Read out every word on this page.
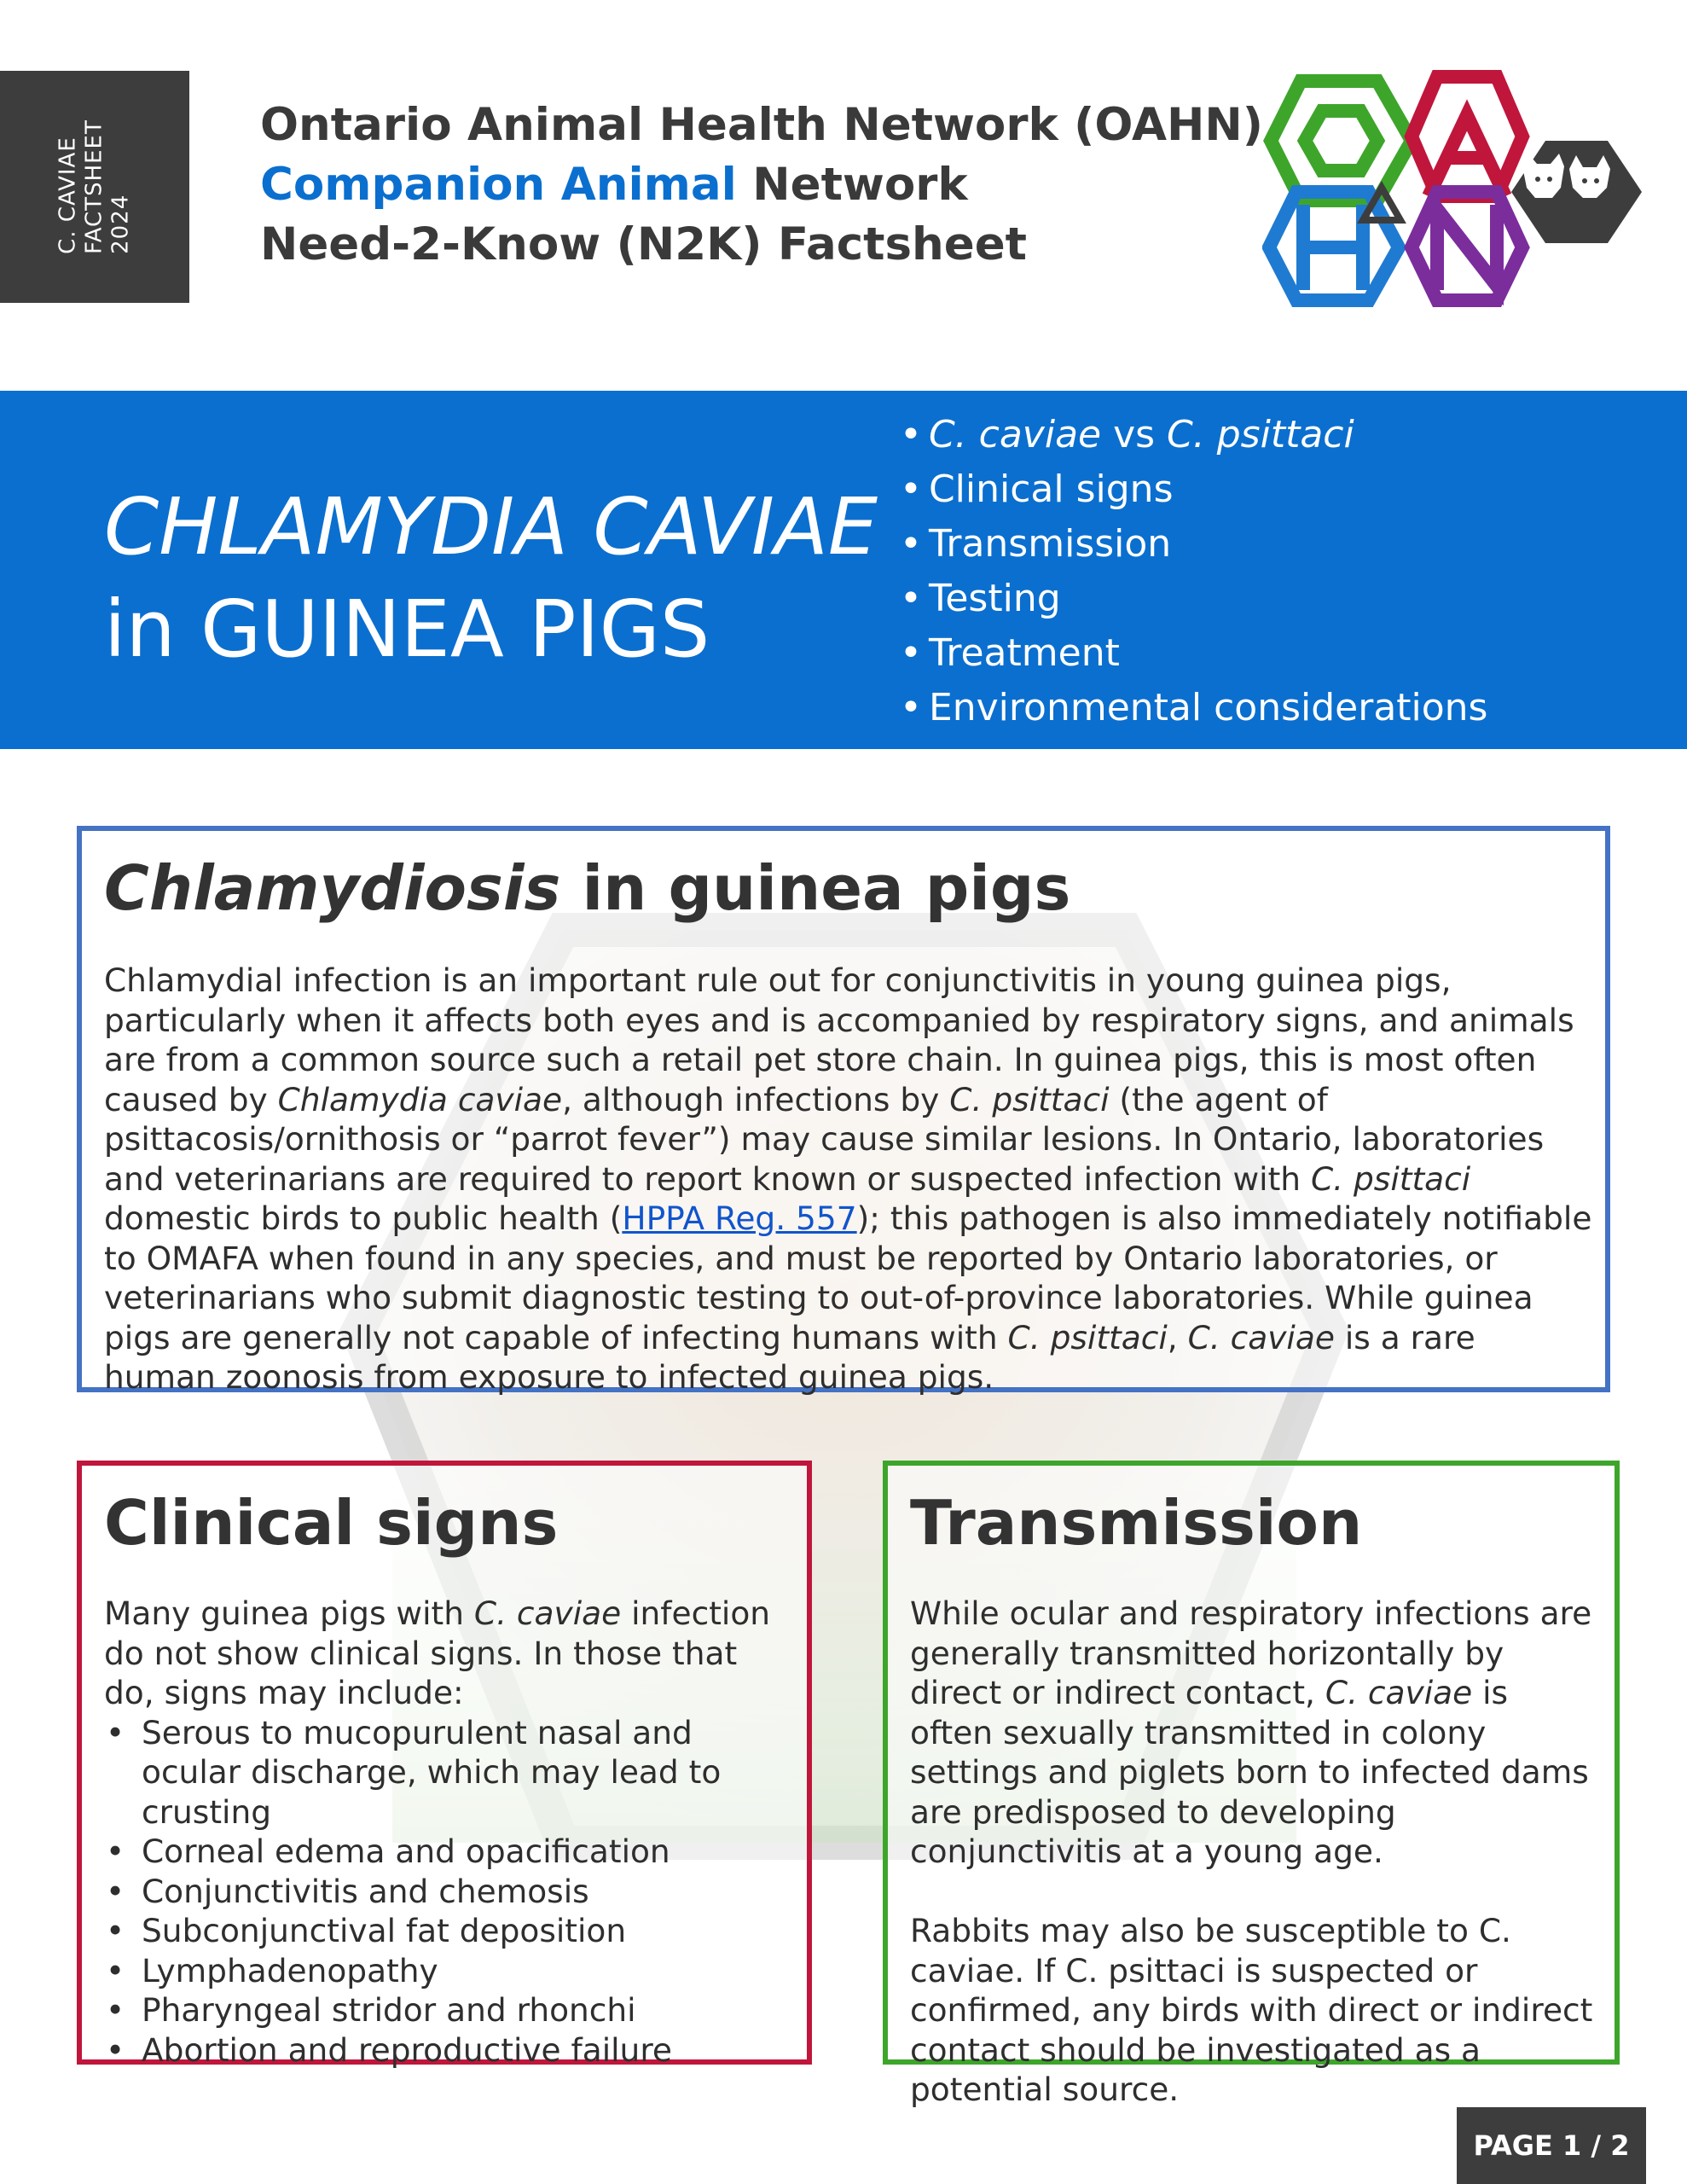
C. CAVIAE FACTSHEET 2024
Ontario Animal Health Network (OAHN)
Companion Animal Network
Need-2-Know (N2K) Factsheet
CHLAMYDIA CAVIAE
in GUINEA PIGS
• C. caviae vs C. psittaci
• Clinical signs
• Transmission
• Testing
• Treatment
• Environmental considerations
Chlamydiosis in guinea pigs

Chlamydial infection is an important rule out for conjunctivitis in young guinea pigs, particularly when it affects both eyes and is accompanied by respiratory signs, and animals are from a common source such a retail pet store chain. In guinea pigs, this is most often caused by Chlamydia caviae, although infections by C. psittaci (the agent of psittacosis/ornithosis or “parrot fever”) may cause similar lesions. In Ontario, laboratories and veterinarians are required to report known or suspected infection with C. psittaci domestic birds to public health (HPPA Reg. 557); this pathogen is also immediately notifiable to OMAFA when found in any species, and must be reported by Ontario laboratories, or veterinarians who submit diagnostic testing to out-of-province laboratories. While guinea pigs are generally not capable of infecting humans with C. psittaci, C. caviae is a rare human zoonosis from exposure to infected guinea pigs.

Clinical signs

Many guinea pigs with C. caviae infection do not show clinical signs. In those that do, signs may include:

• Serous to mucopurulent nasal and ocular discharge, which may lead to crusting
• Corneal edema and opacification
• Conjunctivitis and chemosis
• Subconjunctival fat deposition
• Lymphadenopathy
• Pharyngeal stridor and rhonchi
• Abortion and reproductive failure
Transmission

While ocular and respiratory infections are generally transmitted horizontally by direct or indirect contact, C. caviae is often sexually transmitted in colony settings and piglets born to infected dams are predisposed to developing conjunctivitis at a young age.

Rabbits may also be susceptible to C. caviae. If C. psittaci is suspected or confirmed, any birds with direct or indirect contact should be investigated as a potential source.

PAGE 1 / 2
